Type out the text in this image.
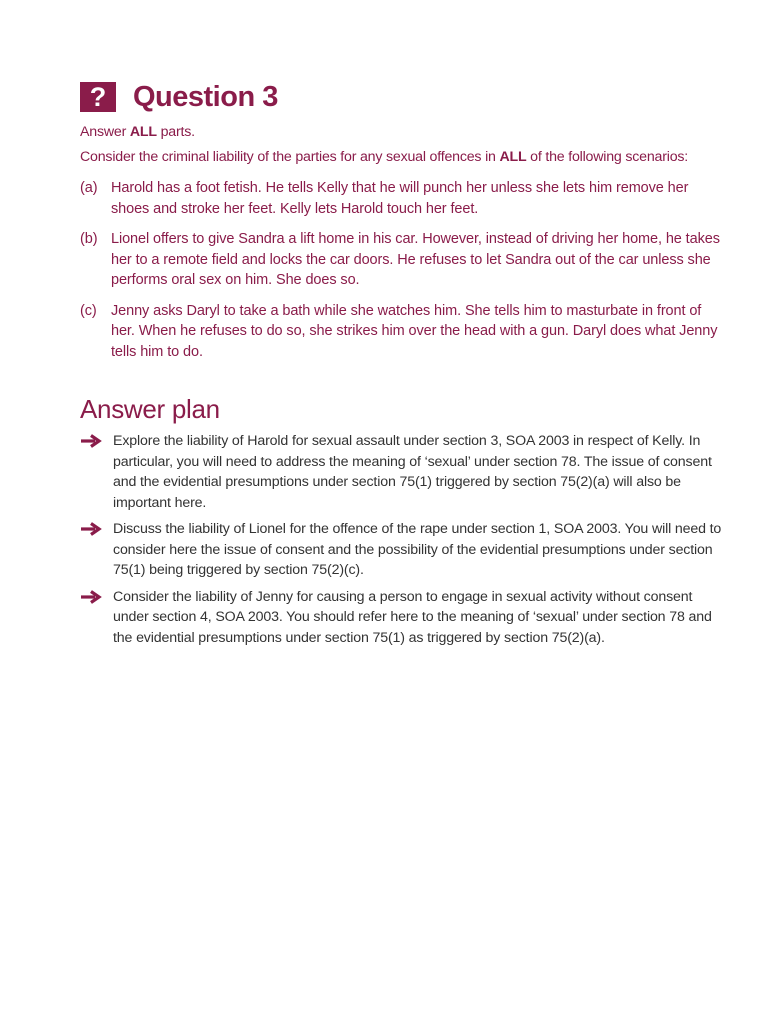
? Question 3
Answer ALL parts.
Consider the criminal liability of the parties for any sexual offences in ALL of the following scenarios:
(a) Harold has a foot fetish. He tells Kelly that he will punch her unless she lets him remove her shoes and stroke her feet. Kelly lets Harold touch her feet.
(b) Lionel offers to give Sandra a lift home in his car. However, instead of driving her home, he takes her to a remote field and locks the car doors. He refuses to let Sandra out of the car unless she performs oral sex on him. She does so.
(c) Jenny asks Daryl to take a bath while she watches him. She tells him to masturbate in front of her. When he refuses to do so, she strikes him over the head with a gun. Daryl does what Jenny tells him to do.
Answer plan
Explore the liability of Harold for sexual assault under section 3, SOA 2003 in respect of Kelly. In particular, you will need to address the meaning of ‘sexual’ under section 78. The issue of consent and the evidential presumptions under section 75(1) triggered by section 75(2)(a) will also be important here.
Discuss the liability of Lionel for the offence of the rape under section 1, SOA 2003. You will need to consider here the issue of consent and the possibility of the evidential presumptions under section 75(1) being triggered by section 75(2)(c).
Consider the liability of Jenny for causing a person to engage in sexual activity without consent under section 4, SOA 2003. You should refer here to the meaning of ‘sexual’ under section 78 and the evidential presumptions under section 75(1) as triggered by section 75(2)(a).
